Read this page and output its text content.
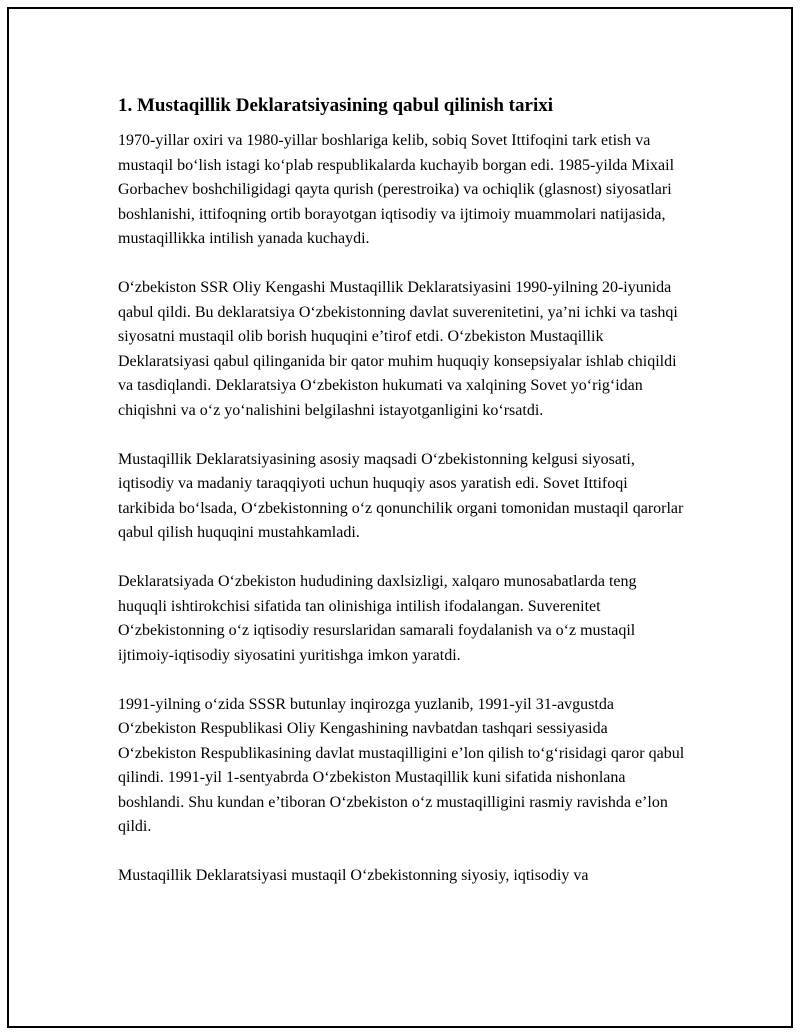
1. Mustaqillik Deklaratsiyasining qabul qilinish tarixi

1970-yillar oxiri va 1980-yillar boshlariga kelib, sobiq Sovet Ittifoqini tark etish va mustaqil bo‘lish istagi ko‘plab respublikalarda kuchayib borgan edi. 1985-yilda Mixail Gorbachev boshchiligidagi qayta qurish (perestroika) va ochiqlik (glasnost) siyosatlari boshlanishi, ittifoqning ortib borayotgan iqtisodiy va ijtimoiy muammolari natijasida, mustaqillikka intilish yanada kuchaydi.

O‘zbekiston SSR Oliy Kengashi Mustaqillik Deklaratsiyasini 1990-yilning 20-iyunida qabul qildi. Bu deklaratsiya O‘zbekistonning davlat suverenitetini, ya’ni ichki va tashqi siyosatni mustaqil olib borish huquqini e’tirof etdi. O‘zbekiston Mustaqillik Deklaratsiyasi qabul qilinganida bir qator muhim huquqiy konsepsiyalar ishlab chiqildi va tasdiqlandi. Deklaratsiya O‘zbekiston hukumati va xalqining Sovet yo‘rig‘idan chiqishni va o‘z yo‘nalishini belgilashni istayotganligini ko‘rsatdi.

Mustaqillik Deklaratsiyasining asosiy maqsadi O‘zbekistonning kelgusi siyosati, iqtisodiy va madaniy taraqqiyoti uchun huquqiy asos yaratish edi. Sovet Ittifoqi tarkibida bo‘lsada, O‘zbekistonning o‘z qonunchilik organi tomonidan mustaqil qarorlar qabul qilish huquqini mustahkamladi.

Deklaratsiyada O‘zbekiston hududining daxlsizligi, xalqaro munosabatlarda teng huquqli ishtirokchisi sifatida tan olinishiga intilish ifodalangan. Suverenitet O‘zbekistonning o‘z iqtisodiy resurslaridan samarali foydalanish va o‘z mustaqil ijtimoiy-iqtisodiy siyosatini yuritishga imkon yaratdi.

1991-yilning o‘zida SSSR butunlay inqirozga yuzlanib, 1991-yil 31-avgustda O‘zbekiston Respublikasi Oliy Kengashining navbatdan tashqari sessiyasida O‘zbekiston Respublikasining davlat mustaqilligini e’lon qilish to‘g‘risidagi qaror qabul qilindi. 1991-yil 1-sentyabrda O‘zbekiston Mustaqillik kuni sifatida nishonlana boshlandi. Shu kundan e’tiboran O‘zbekiston o‘z mustaqilligini rasmiy ravishda e’lon qildi.

Mustaqillik Deklaratsiyasi mustaqil O‘zbekistonning siyosiy, iqtisodiy va
